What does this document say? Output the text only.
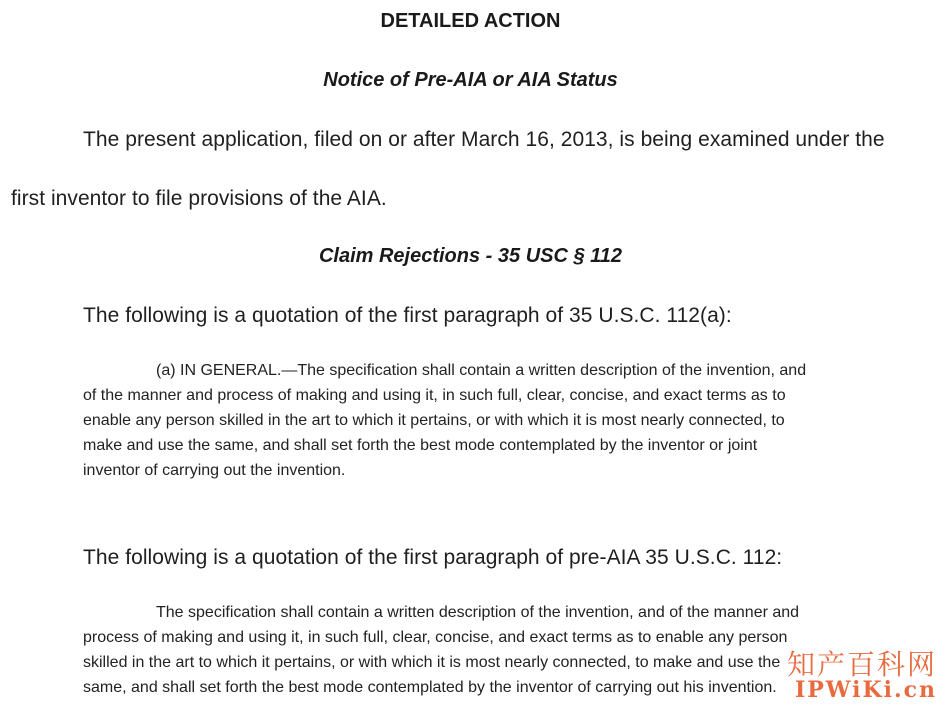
DETAILED ACTION
Notice of Pre-AIA or AIA Status
The present application, filed on or after March 16, 2013, is being examined under the
first inventor to file provisions of the AIA.
Claim Rejections - 35 USC § 112
The following is a quotation of the first paragraph of 35 U.S.C. 112(a):
(a) IN GENERAL.—The specification shall contain a written description of the invention, and
of the manner and process of making and using it, in such full, clear, concise, and exact terms as to
enable any person skilled in the art to which it pertains, or with which it is most nearly connected, to
make and use the same, and shall set forth the best mode contemplated by the inventor or joint
inventor of carrying out the invention.
The following is a quotation of the first paragraph of pre-AIA 35 U.S.C. 112:
The specification shall contain a written description of the invention, and of the manner and
process of making and using it, in such full, clear, concise, and exact terms as to enable any person
skilled in the art to which it pertains, or with which it is most nearly connected, to make and use the
same, and shall set forth the best mode contemplated by the inventor of carrying out his invention.
知产百科网
IPWiKi.cn
